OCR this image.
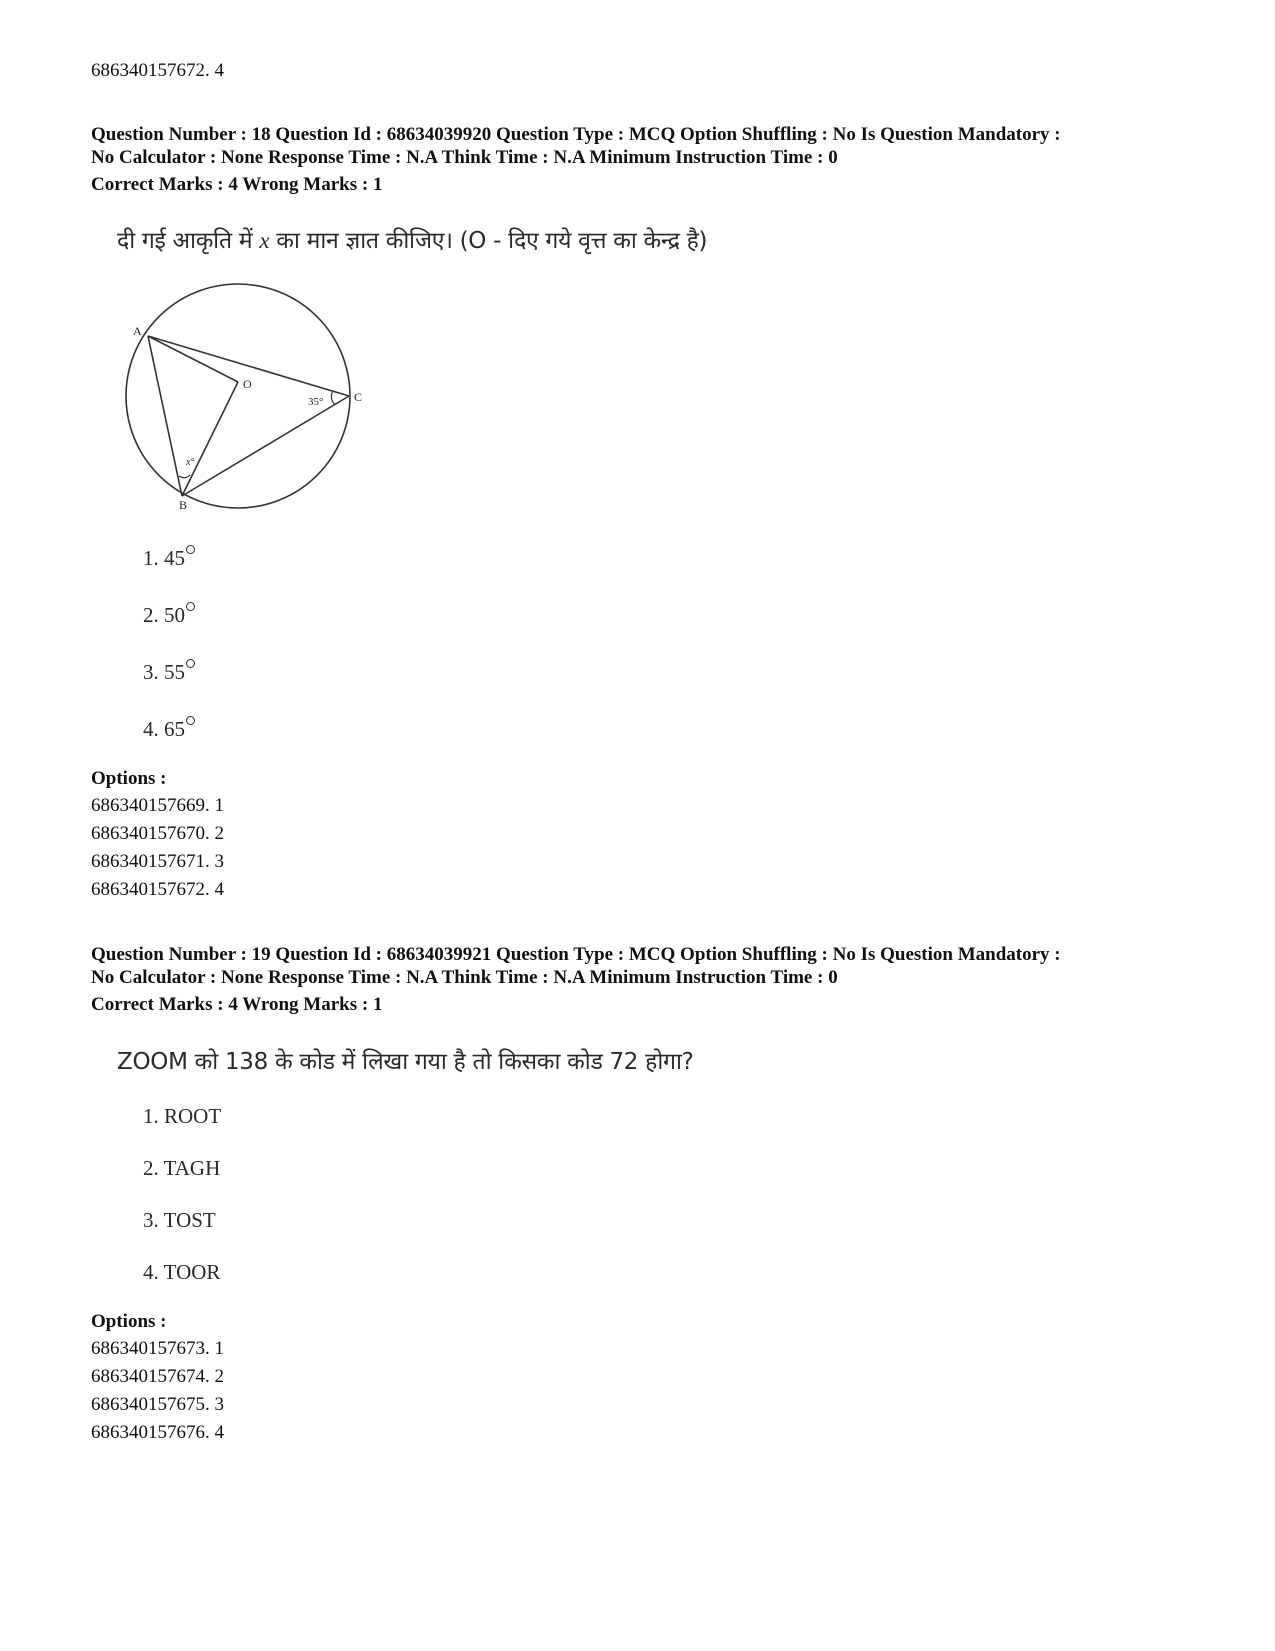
686340157672. 4
Question Number : 18 Question Id : 68634039920 Question Type : MCQ Option Shuffling : No Is Question Mandatory :
No Calculator : None Response Time : N.A Think Time : N.A Minimum Instruction Time : 0
Correct Marks : 4 Wrong Marks : 1
दी गई आकृति में x का मान ज्ञात कीजिए। (O - दिए गये वृत्त का केन्द्र है)
A
O
C
B
35°
x°
1. 45
2. 50
3. 55
4. 65
Options :
686340157669. 1
686340157670. 2
686340157671. 3
686340157672. 4
Question Number : 19 Question Id : 68634039921 Question Type : MCQ Option Shuffling : No Is Question Mandatory :
No Calculator : None Response Time : N.A Think Time : N.A Minimum Instruction Time : 0
Correct Marks : 4 Wrong Marks : 1
ZOOM को 138 के कोड में लिखा गया है तो किसका कोड 72 होगा?
1. ROOT
2. TAGH
3. TOST
4. TOOR
Options :
686340157673. 1
686340157674. 2
686340157675. 3
686340157676. 4
